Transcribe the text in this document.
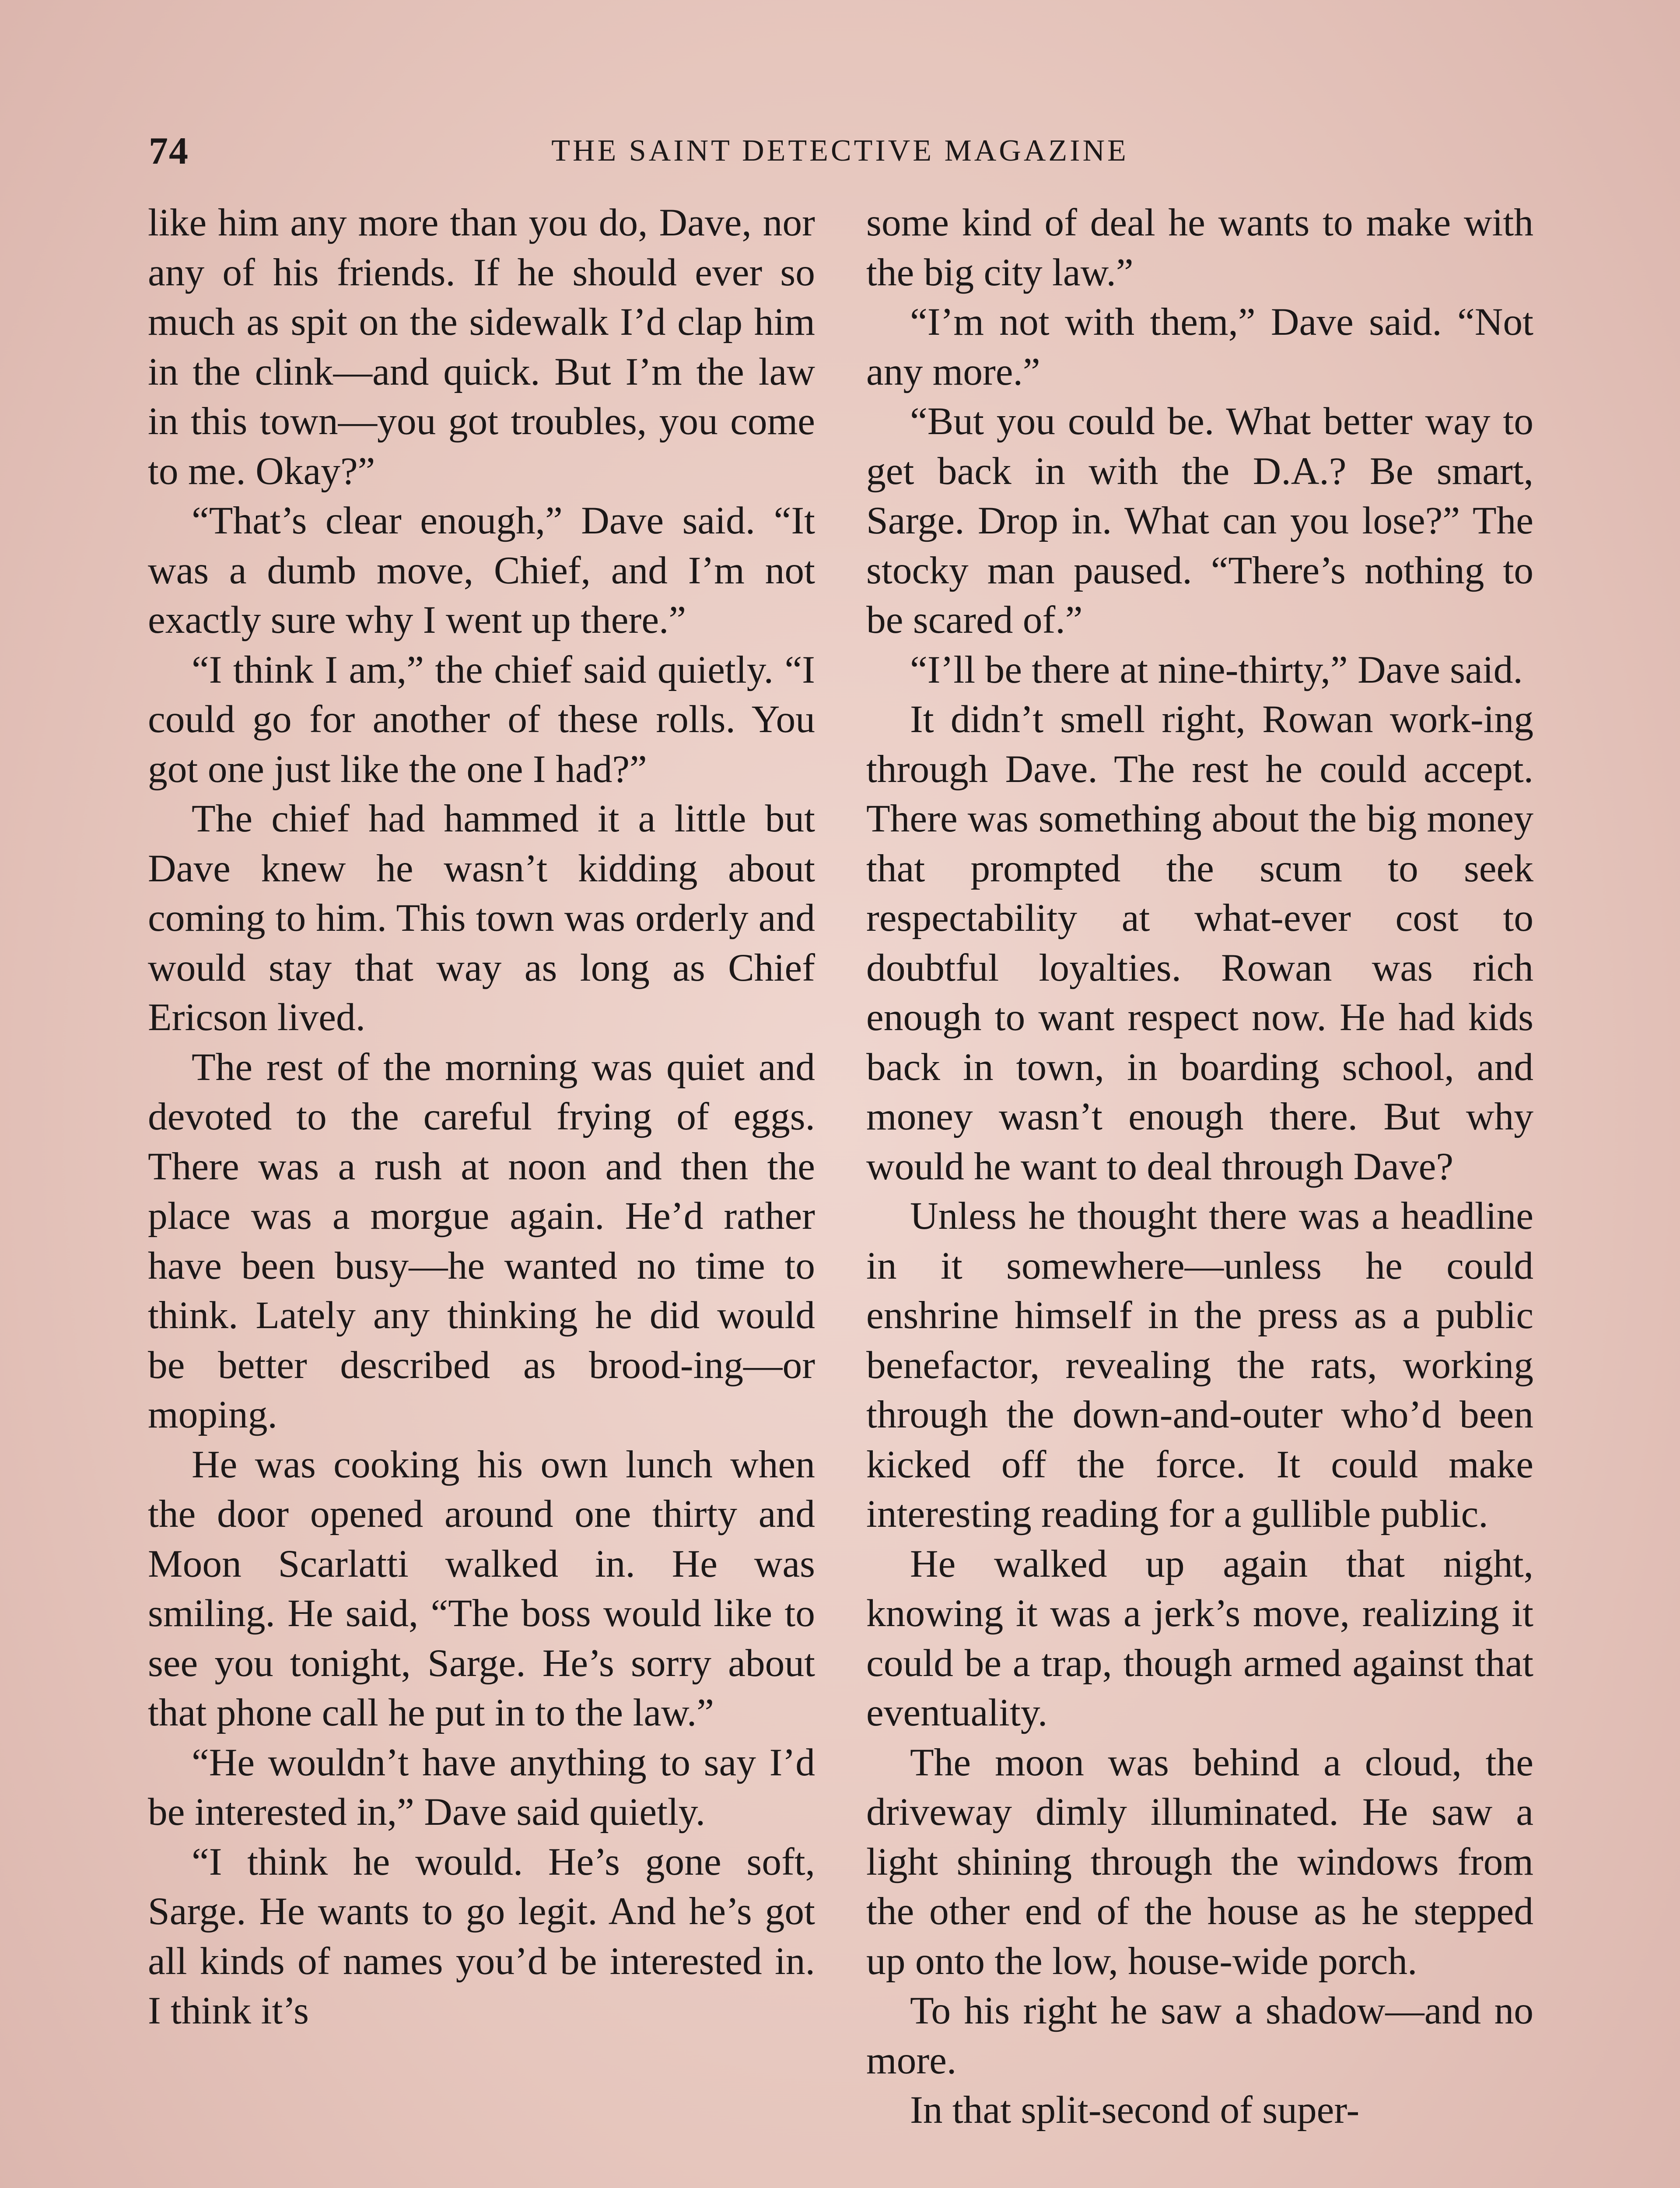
74	THE SAINT DETECTIVE MAGAZINE

like him any more than you do, Dave, nor any of his friends. If he should ever so much as spit on the sidewalk I’d clap him in the clink—and quick. But I’m the law in this town—you got troubles, you come to me. Okay?”

“That’s clear enough,” Dave said. “It was a dumb move, Chief, and I’m not exactly sure why I went up there.”

“I think I am,” the chief said quietly. “I could go for another of these rolls. You got one just like the one I had?”

The chief had hammed it a little but Dave knew he wasn’t kidding about coming to him. This town was orderly and would stay that way as long as Chief Ericson lived.

The rest of the morning was quiet and devoted to the careful frying of eggs. There was a rush at noon and then the place was a morgue again. He’d rather have been busy—he wanted no time to think. Lately any thinking he did would be better described as brood-ing—or moping.

He was cooking his own lunch when the door opened around one thirty and Moon Scarlatti walked in. He was smiling. He said, “The boss would like to see you tonight, Sarge. He’s sorry about that phone call he put in to the law.”

“He wouldn’t have anything to say I’d be interested in,” Dave said quietly.

“I think he would. He’s gone soft, Sarge. He wants to go legit. And he’s got all kinds of names you’d be interested in. I think it’s

some kind of deal he wants to make with the big city law.”

“I’m not with them,” Dave said. “Not any more.”

“But you could be. What better way to get back in with the D.A.? Be smart, Sarge. Drop in. What can you lose?” The stocky man paused. “There’s nothing to be scared of.”

“I’ll be there at nine-thirty,” Dave said.

It didn’t smell right, Rowan work-ing through Dave. The rest he could accept. There was something about the big money that prompted the scum to seek respectability at what-ever cost to doubtful loyalties. Rowan was rich enough to want respect now. He had kids back in town, in boarding school, and money wasn’t enough there. But why would he want to deal through Dave?

Unless he thought there was a headline in it somewhere—unless he could enshrine himself in the press as a public benefactor, revealing the rats, working through the down-and-outer who’d been kicked off the force. It could make interesting reading for a gullible public.

He walked up again that night, knowing it was a jerk’s move, realizing it could be a trap, though armed against that eventuality.

The moon was behind a cloud, the driveway dimly illuminated. He saw a light shining through the windows from the other end of the house as he stepped up onto the low, house-wide porch.

To his right he saw a shadow—and no more.

In that split-second of super-
